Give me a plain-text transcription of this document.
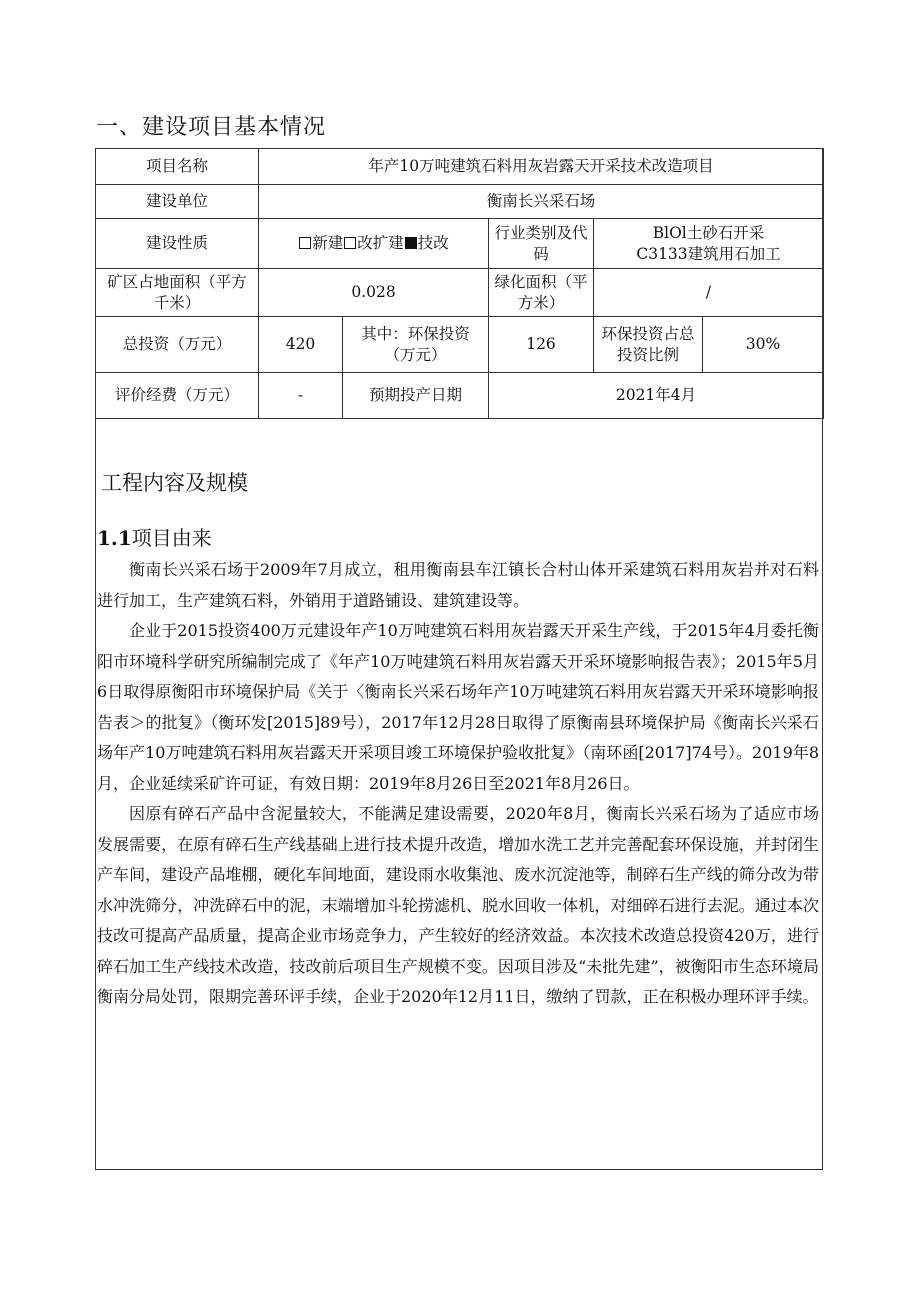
一、建设项目基本情况
项目名称	年产10万吨建筑石料用灰岩露天开采技术改造项目				
建设单位	衡南长兴采石场				
建设性质	新建 改扩建 技改		行业类别及代码	BlOl土砂石开采
C3133建筑用石加工	

矿区占地面积（平方千米）	0.028		绿化面积（平方米）	/	
总投资（万元）	420	其中：环保投资（万元）	126	环保投资占总投资比例	30%
评价经费（万元）	-	预期投产日期	2021年4月		
工程内容及规模
1.1项目由来

衡南长兴采石场于2009年7月成立，租用衡南县车江镇长合村山体开采建筑石料用灰岩并对石料进行加工，生产建筑石料，外销用于道路铺设、建筑建设等。

企业于2015投资400万元建设年产10万吨建筑石料用灰岩露天开采生产线，于2015年4月委托衡阳市环境科学研究所编制完成了《年产10万吨建筑石料用灰岩露天开采环境影响报告表》；2015年5月6日取得原衡阳市环境保护局《关于〈衡南长兴采石场年产10万吨建筑石料用灰岩露天开采环境影响报告表＞的批复》（衡环发[2015]89号），2017年12月28日取得了原衡南县环境保护局《衡南长兴采石场年产10万吨建筑石料用灰岩露天开采项目竣工环境保护验收批复》（南环函[2017]74号）。2019年8月，企业延续采矿许可证，有效日期：2019年8月26日至2021年8月26日。

因原有碎石产品中含泥量较大，不能满足建设需要，2020年8月，衡南长兴采石场为了适应市场发展需要，在原有碎石生产线基础上进行技术提升改造，增加水洗工艺并完善配套环保设施，并封闭生产车间，建设产品堆棚，硬化车间地面，建设雨水收集池、废水沉淀池等，制碎石生产线的筛分改为带水冲洗筛分，冲洗碎石中的泥，末端增加斗轮捞滤机、脱水回收一体机，对细碎石进行去泥。通过本次技改可提高产品质量，提高企业市场竞争力，产生较好的经济效益。本次技术改造总投资420万，进行碎石加工生产线技术改造，技改前后项目生产规模不变。因项目涉及“未批先建”，被衡阳市生态环境局衡南分局处罚，限期完善环评手续，企业于2020年12月11日，缴纳了罚款，正在积极办理环评手续。
